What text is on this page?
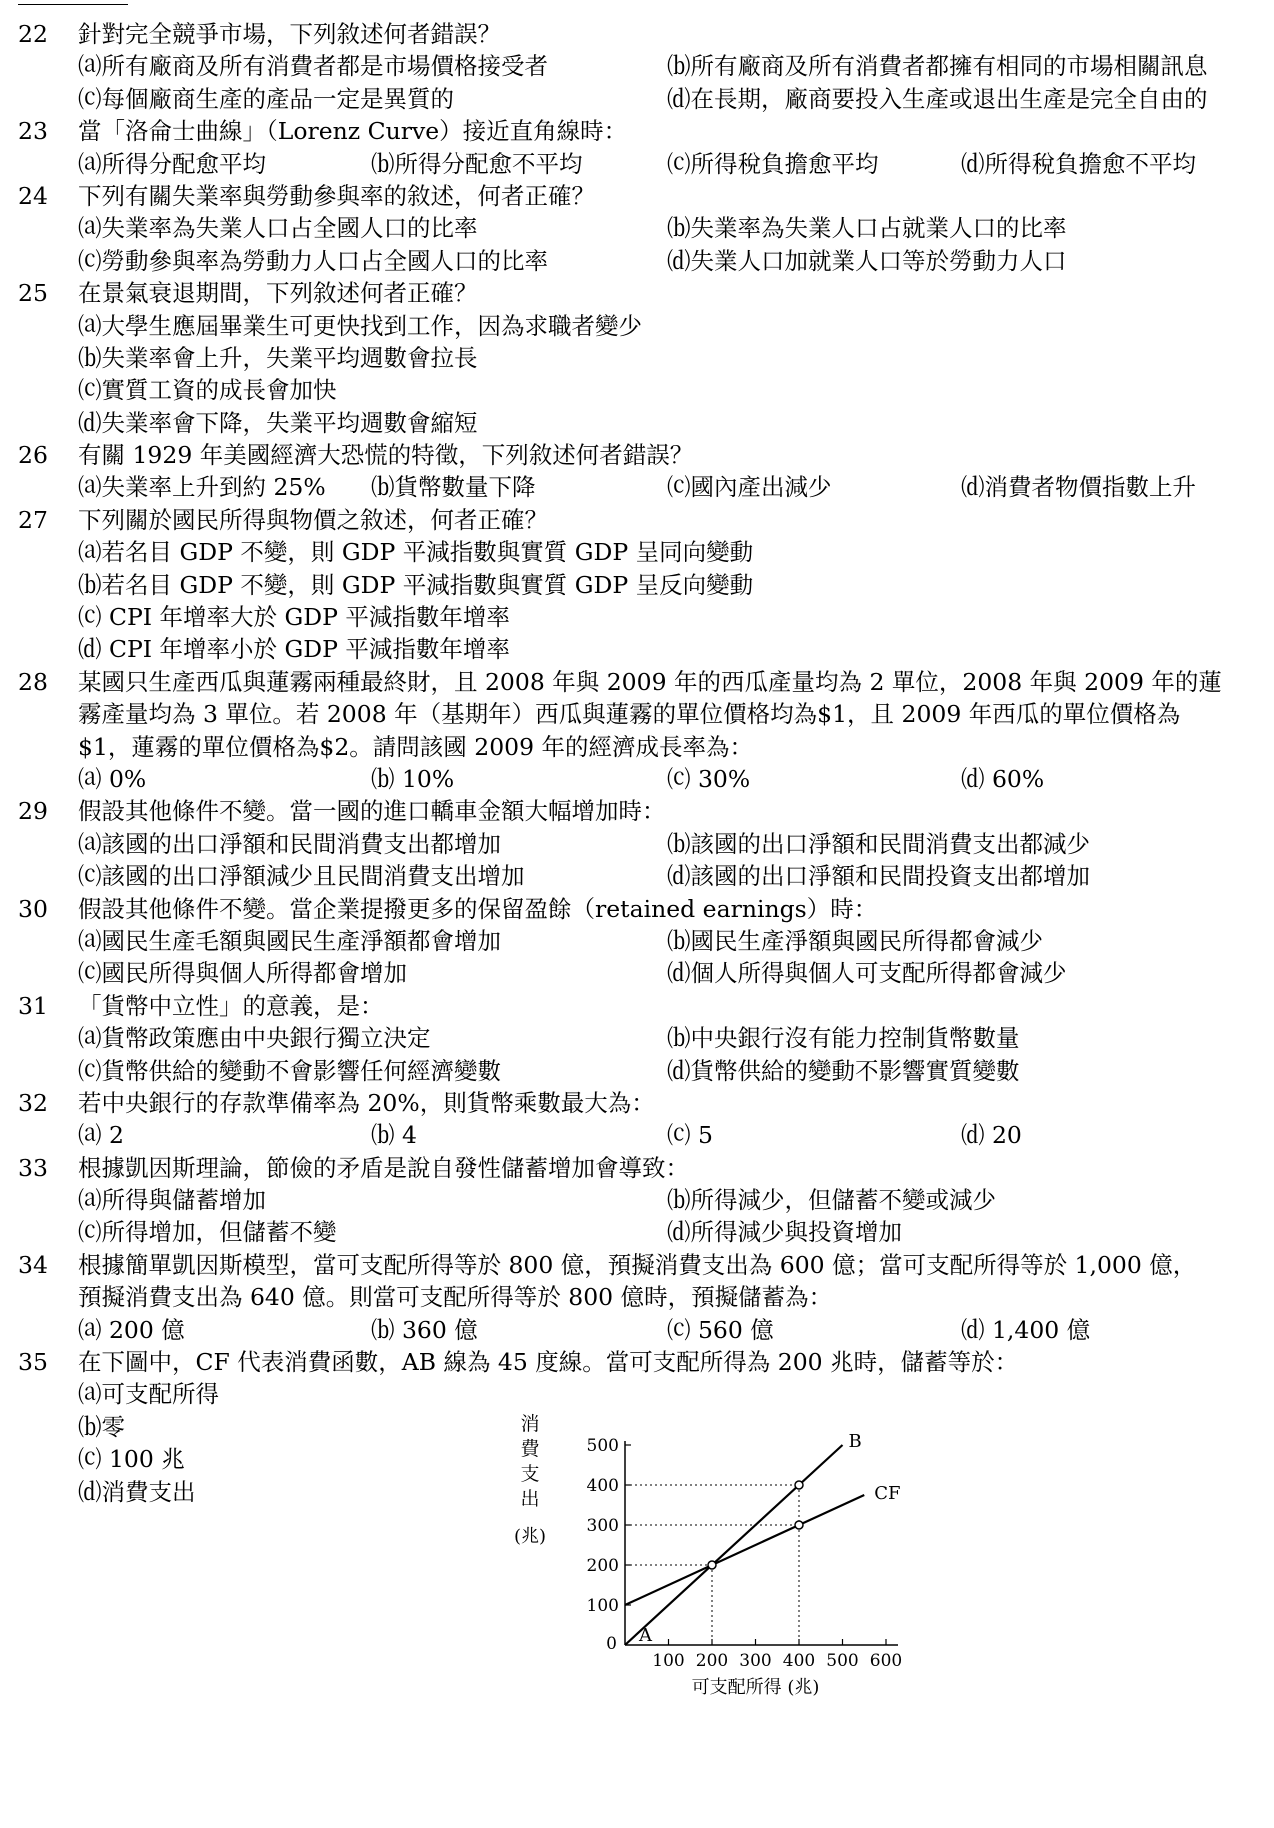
22 針對完全競爭市場，下列敘述何者錯誤？
⒜所有廠商及所有消費者都是市場價格接受者	⒝所有廠商及所有消費者都擁有相同的市場相關訊息
⒞每個廠商生產的產品一定是異質的	⒟在長期，廠商要投入生產或退出生產是完全自由的
23 當「洛侖士曲線」（Lorenz Curve）接近直角線時：
⒜所得分配愈平均	⒝所得分配愈不平均	⒞所得稅負擔愈平均	⒟所得稅負擔愈不平均
24 下列有關失業率與勞動參與率的敘述，何者正確？
⒜失業率為失業人口占全國人口的比率	⒝失業率為失業人口占就業人口的比率
⒞勞動參與率為勞動力人口占全國人口的比率	⒟失業人口加就業人口等於勞動力人口
25 在景氣衰退期間，下列敘述何者正確？
⒜大學生應屆畢業生可更快找到工作，因為求職者變少
⒝失業率會上升，失業平均週數會拉長
⒞實質工資的成長會加快
⒟失業率會下降，失業平均週數會縮短
26 有關 1929 年美國經濟大恐慌的特徵，下列敘述何者錯誤？
⒜失業率上升到約 25% ⒝貨幣數量下降	⒞國內產出減少	⒟消費者物價指數上升
27 下列關於國民所得與物價之敘述，何者正確？
⒜若名目 GDP 不變，則 GDP 平減指數與實質 GDP 呈同向變動
⒝若名目 GDP 不變，則 GDP 平減指數與實質 GDP 呈反向變動
⒞ CPI 年增率大於 GDP 平減指數年增率
⒟ CPI 年增率小於 GDP 平減指數年增率
28 某國只生產西瓜與蓮霧兩種最終財，且 2008 年與 2009 年的西瓜產量均為 2 單位，2008 年與 2009 年的蓮
霧產量均為 3 單位。若 2008 年（基期年）西瓜與蓮霧的單位價格均為$1，且 2009 年西瓜的單位價格為
$1，蓮霧的單位價格為$2。請問該國 2009 年的經濟成長率為：
⒜ 0%	⒝ 10%	⒞ 30%	⒟ 60%
29 假設其他條件不變。當一國的進口轎車金額大幅增加時：
⒜該國的出口淨額和民間消費支出都增加	⒝該國的出口淨額和民間消費支出都減少
⒞該國的出口淨額減少且民間消費支出增加	⒟該國的出口淨額和民間投資支出都增加
30 假設其他條件不變。當企業提撥更多的保留盈餘（retained earnings）時：
⒜國民生產毛額與國民生產淨額都會增加	⒝國民生產淨額與國民所得都會減少
⒞國民所得與個人所得都會增加	⒟個人所得與個人可支配所得都會減少
31 「貨幣中立性」的意義，是：
⒜貨幣政策應由中央銀行獨立決定	⒝中央銀行沒有能力控制貨幣數量
⒞貨幣供給的變動不會影響任何經濟變數	⒟貨幣供給的變動不影響實質變數
32 若中央銀行的存款準備率為 20%，則貨幣乘數最大為：
⒜ 2	⒝ 4	⒞ 5	⒟ 20
33 根據凱因斯理論，節儉的矛盾是說自發性儲蓄增加會導致：
⒜所得與儲蓄增加	⒝所得減少，但儲蓄不變或減少
⒞所得增加，但儲蓄不變	⒟所得減少與投資增加
34 根據簡單凱因斯模型，當可支配所得等於 800 億，預擬消費支出為 600 億；當可支配所得等於 1,000 億，
預擬消費支出為 640 億。則當可支配所得等於 800 億時，預擬儲蓄為：
⒜ 200 億	⒝ 360 億	⒞ 560 億	⒟ 1,400 億
35 在下圖中，CF 代表消費函數，AB 線為 45 度線。當可支配所得為 200 兆時，儲蓄等於：
⒜可支配所得
⒝零
⒞ 100 兆
⒟消費支出
100
200
300
400
500
100 200 300 400 500 600
0
B
CF
A
可支配所得 (兆)
消
費
支
出
(兆)
